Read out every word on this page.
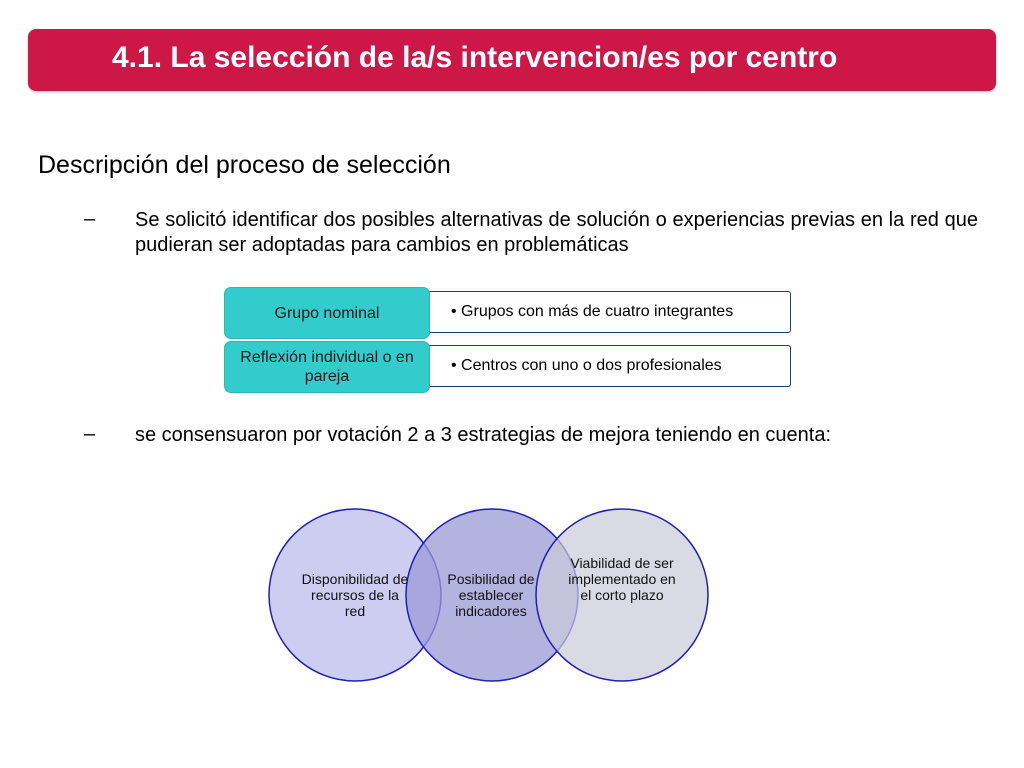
4.1. La selección de la/s intervencion/es por centro
Descripción del proceso de selección
– Se solicitó identificar dos posibles alternativas de solución o experiencias previas en la red que pudieran ser adoptadas para cambios en problemáticas
• Grupos con más de cuatro integrantes
Grupo nominal
• Centros con uno o dos profesionales
Reflexión individual o en pareja
– se consensuaron por votación 2 a 3 estrategias de mejora teniendo en cuenta:
Disponibilidad de recursos de la red
Posibilidad de establecer indicadores
Viabilidad de ser implementado en el corto plazo
